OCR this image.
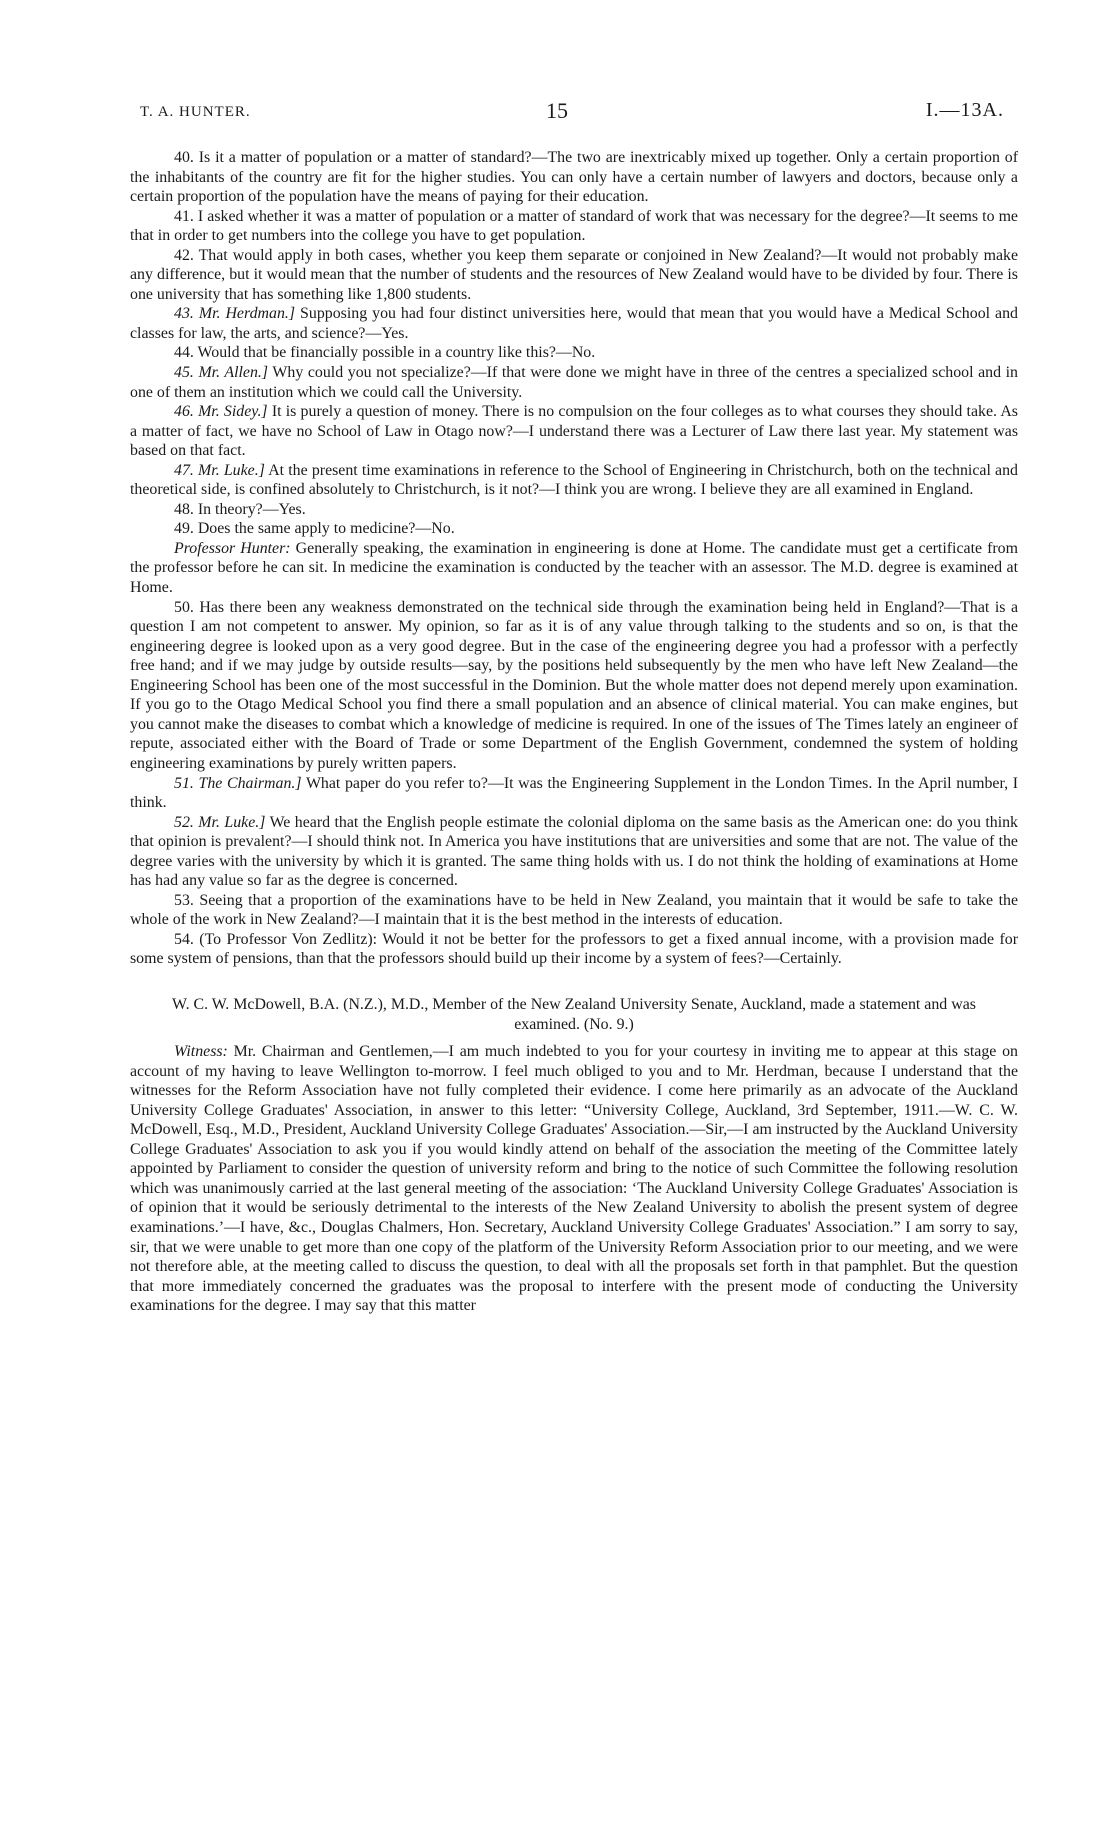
T. A. HUNTER.	15	I.—13A.

40. Is it a matter of population or a matter of standard?—The two are inextricably mixed up together. Only a certain proportion of the inhabitants of the country are fit for the higher studies. You can only have a certain number of lawyers and doctors, because only a certain proportion of the population have the means of paying for their education.

41. I asked whether it was a matter of population or a matter of standard of work that was necessary for the degree?—It seems to me that in order to get numbers into the college you have to get population.

42. That would apply in both cases, whether you keep them separate or conjoined in New Zealand?—It would not probably make any difference, but it would mean that the number of students and the resources of New Zealand would have to be divided by four. There is one university that has something like 1,800 students.

43. Mr. Herdman.] Supposing you had four distinct universities here, would that mean that you would have a Medical School and classes for law, the arts, and science?—Yes.

44. Would that be financially possible in a country like this?—No.

45. Mr. Allen.] Why could you not specialize?—If that were done we might have in three of the centres a specialized school and in one of them an institution which we could call the University.

46. Mr. Sidey.] It is purely a question of money. There is no compulsion on the four colleges as to what courses they should take. As a matter of fact, we have no School of Law in Otago now?—I understand there was a Lecturer of Law there last year. My statement was based on that fact.

47. Mr. Luke.] At the present time examinations in reference to the School of Engineering in Christchurch, both on the technical and theoretical side, is confined absolutely to Christchurch, is it not?—I think you are wrong. I believe they are all examined in England.

48. In theory?—Yes.

49. Does the same apply to medicine?—No.

Professor Hunter: Generally speaking, the examination in engineering is done at Home. The candidate must get a certificate from the professor before he can sit. In medicine the examination is conducted by the teacher with an assessor. The M.D. degree is examined at Home.

50. Has there been any weakness demonstrated on the technical side through the examination being held in England?—That is a question I am not competent to answer. My opinion, so far as it is of any value through talking to the students and so on, is that the engineering degree is looked upon as a very good degree. But in the case of the engineering degree you had a professor with a perfectly free hand; and if we may judge by outside results—say, by the positions held subsequently by the men who have left New Zealand—the Engineering School has been one of the most successful in the Dominion. But the whole matter does not depend merely upon examination. If you go to the Otago Medical School you find there a small population and an absence of clinical material. You can make engines, but you cannot make the diseases to combat which a knowledge of medicine is required. In one of the issues of The Times lately an engineer of repute, associated either with the Board of Trade or some Department of the English Government, condemned the system of holding engineering examinations by purely written papers.

51. The Chairman.] What paper do you refer to?—It was the Engineering Supplement in the London Times. In the April number, I think.

52. Mr. Luke.] We heard that the English people estimate the colonial diploma on the same basis as the American one: do you think that opinion is prevalent?—I should think not. In America you have institutions that are universities and some that are not. The value of the degree varies with the university by which it is granted. The same thing holds with us. I do not think the holding of examinations at Home has had any value so far as the degree is concerned.

53. Seeing that a proportion of the examinations have to be held in New Zealand, you maintain that it would be safe to take the whole of the work in New Zealand?—I maintain that it is the best method in the interests of education.

54. (To Professor Von Zedlitz): Would it not be better for the professors to get a fixed annual income, with a provision made for some system of pensions, than that the professors should build up their income by a system of fees?—Certainly.

W. C. W. McDowell, B.A. (N.Z.), M.D., Member of the New Zealand University Senate, Auckland, made a statement and was examined. (No. 9.)

Witness: Mr. Chairman and Gentlemen,—I am much indebted to you for your courtesy in inviting me to appear at this stage on account of my having to leave Wellington to-morrow. I feel much obliged to you and to Mr. Herdman, because I understand that the witnesses for the Reform Association have not fully completed their evidence. I come here primarily as an advocate of the Auckland University College Graduates' Association, in answer to this letter: “University College, Auckland, 3rd September, 1911.—W. C. W. McDowell, Esq., M.D., President, Auckland University College Graduates' Association.—Sir,—I am instructed by the Auckland University College Graduates' Association to ask you if you would kindly attend on behalf of the association the meeting of the Committee lately appointed by Parliament to consider the question of university reform and bring to the notice of such Committee the following resolution which was unanimously carried at the last general meeting of the association: ‘The Auckland University College Graduates' Association is of opinion that it would be seriously detrimental to the interests of the New Zealand University to abolish the present system of degree examinations.’—I have, &c., Douglas Chalmers, Hon. Secretary, Auckland University College Graduates' Association.” I am sorry to say, sir, that we were unable to get more than one copy of the platform of the University Reform Association prior to our meeting, and we were not therefore able, at the meeting called to discuss the question, to deal with all the proposals set forth in that pamphlet. But the question that more immediately concerned the graduates was the proposal to interfere with the present mode of conducting the University examinations for the degree. I may say that this matter
